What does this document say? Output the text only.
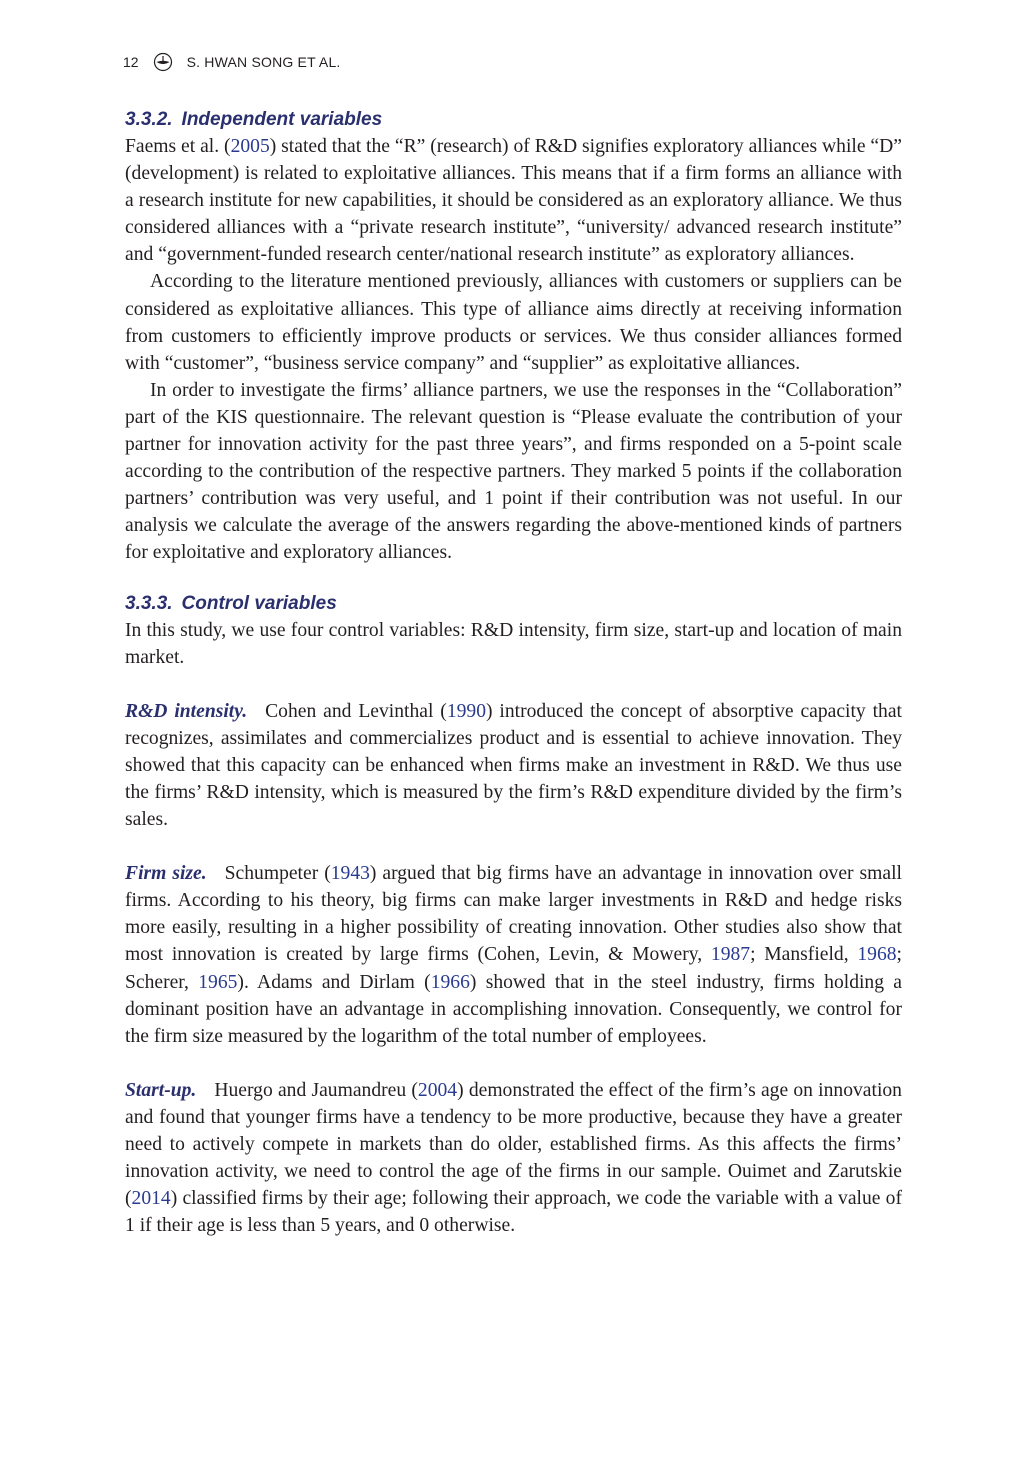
12	S. HWAN SONG ET AL.
3.3.2. Independent variables

Faems et al. (2005) stated that the “R” (research) of R&D signifies exploratory alliances while “D” (development) is related to exploitative alliances. This means that if a firm forms an alliance with a research institute for new capabilities, it should be considered as an exploratory alliance. We thus considered alliances with a “private research institute”, “university/ advanced research institute” and “government-funded research center/national research institute” as exploratory alliances.

According to the literature mentioned previously, alliances with customers or suppliers can be considered as exploitative alliances. This type of alliance aims directly at receiving information from customers to efficiently improve products or services. We thus consider alliances formed with “customer”, “business service company” and “supplier” as exploitative alliances.

In order to investigate the firms’ alliance partners, we use the responses in the “Collaboration” part of the KIS questionnaire. The relevant question is “Please evaluate the contribution of your partner for innovation activity for the past three years”, and firms responded on a 5-point scale according to the contribution of the respective partners. They marked 5 points if the collaboration partners’ contribution was very useful, and 1 point if their contribution was not useful. In our analysis we calculate the average of the answers regarding the above-mentioned kinds of partners for exploitative and exploratory alliances.

3.3.3. Control variables

In this study, we use four control variables: R&D intensity, firm size, start-up and location of main market.

R&D intensity. Cohen and Levinthal (1990) introduced the concept of absorptive capacity that recognizes, assimilates and commercializes product and is essential to achieve innovation. They showed that this capacity can be enhanced when firms make an investment in R&D. We thus use the firms’ R&D intensity, which is measured by the firm’s R&D expenditure divided by the firm’s sales.

Firm size. Schumpeter (1943) argued that big firms have an advantage in innovation over small firms. According to his theory, big firms can make larger investments in R&D and hedge risks more easily, resulting in a higher possibility of creating innovation. Other studies also show that most innovation is created by large firms (Cohen, Levin, & Mowery, 1987; Mansfield, 1968; Scherer, 1965). Adams and Dirlam (1966) showed that in the steel industry, firms holding a dominant position have an advantage in accomplishing innovation. Consequently, we control for the firm size measured by the logarithm of the total number of employees.

Start-up. Huergo and Jaumandreu (2004) demonstrated the effect of the firm’s age on innovation and found that younger firms have a tendency to be more productive, because they have a greater need to actively compete in markets than do older, established firms. As this affects the firms’ innovation activity, we need to control the age of the firms in our sample. Ouimet and Zarutskie (2014) classified firms by their age; following their approach, we code the variable with a value of 1 if their age is less than 5 years, and 0 otherwise.
